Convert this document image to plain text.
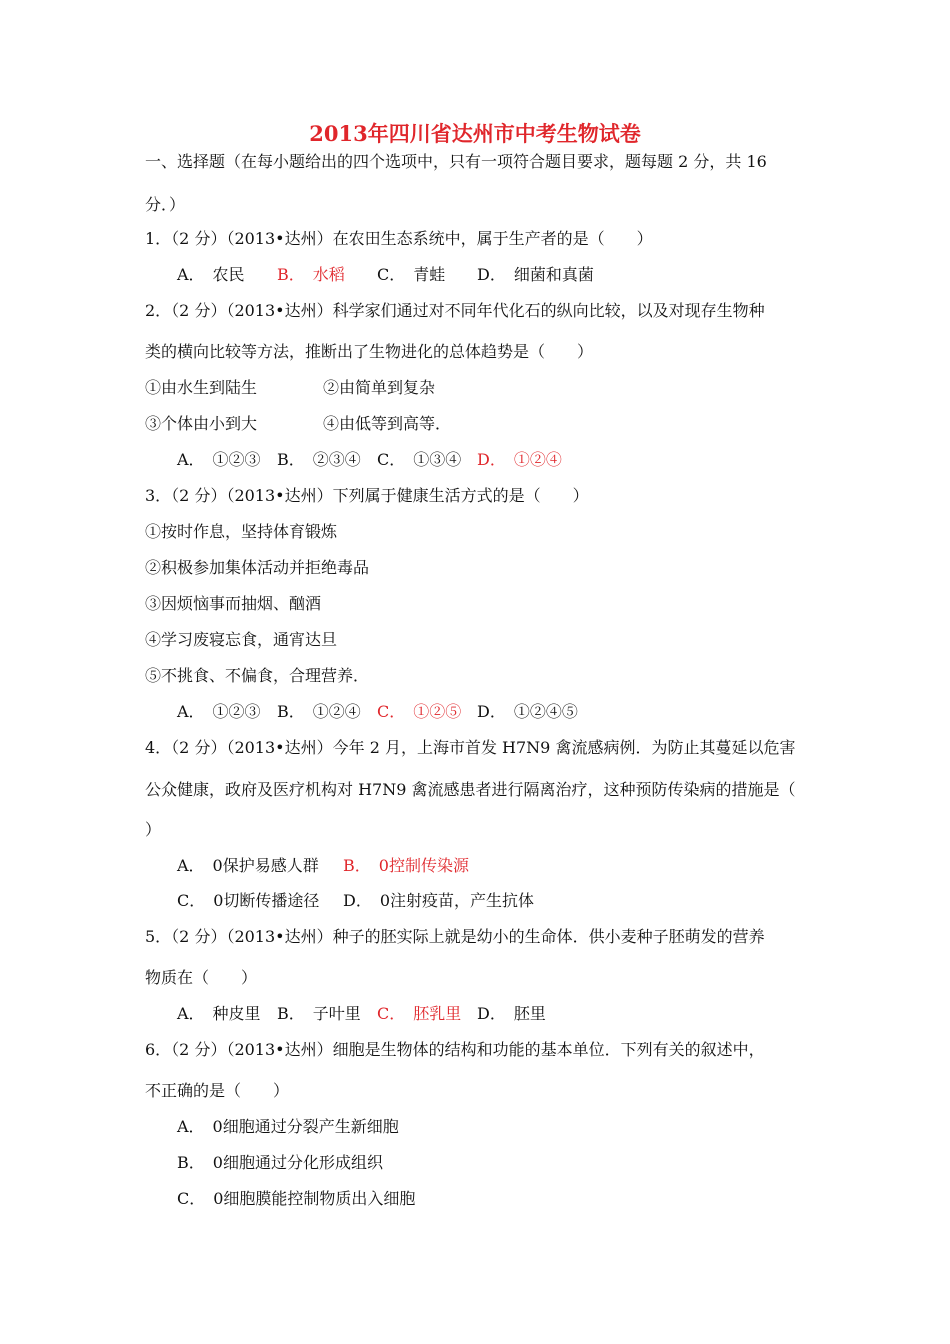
2013年四川省达州市中考生物试卷
一、选择题（在每小题给出的四个选项中，只有一项符合题目要求，题每题 2 分，共 16
分．）
1．（2 分）（2013•达州）在农田生态系统中，属于生产者的是（　　）
A．　农民 B．　水稻 C．　青蛙 D．　细菌和真菌
2．（2 分）（2013•达州）科学家们通过对不同年代化石的纵向比较，以及对现存生物种
类的横向比较等方法，推断出了生物进化的总体趋势是（　　）
①由水生到陆生	②由简单到复杂
③个体由小到大	④由低等到高等．
A．　①②③ B．　②③④ C．　①③④ D．　①②④
3．（2 分）（2013•达州）下列属于健康生活方式的是（　　）
①按时作息，坚持体育锻炼
②积极参加集体活动并拒绝毒品
③因烦恼事而抽烟、酗酒
④学习废寝忘食，通宵达旦
⑤不挑食、不偏食，合理营养．
A．　①②③ B．　①②④ C．　①②⑤ D．　①②④⑤
4．（2 分）（2013•达州）今年 2 月，上海市首发 H7N9 禽流感病例．为防止其蔓延以危害
公众健康，政府及医疗机构对 H7N9 禽流感患者进行隔离治疗，这种预防传染病的措施是（
）
A．　0保护易感人群 B．　0控制传染源
C．　0切断传播途径 D．　0注射疫苗，产生抗体
5．（2 分）（2013•达州）种子的胚实际上就是幼小的生命体．供小麦种子胚萌发的营养
物质在（　　）
A．　种皮里 B．　子叶里 C．　胚乳里 D．　胚里
6．（2 分）（2013•达州）细胞是生物体的结构和功能的基本单位．下列有关的叙述中，
不正确的是（　　）
A．　0细胞通过分裂产生新细胞
B．　0细胞通过分化形成组织
C．　0细胞膜能控制物质出入细胞
